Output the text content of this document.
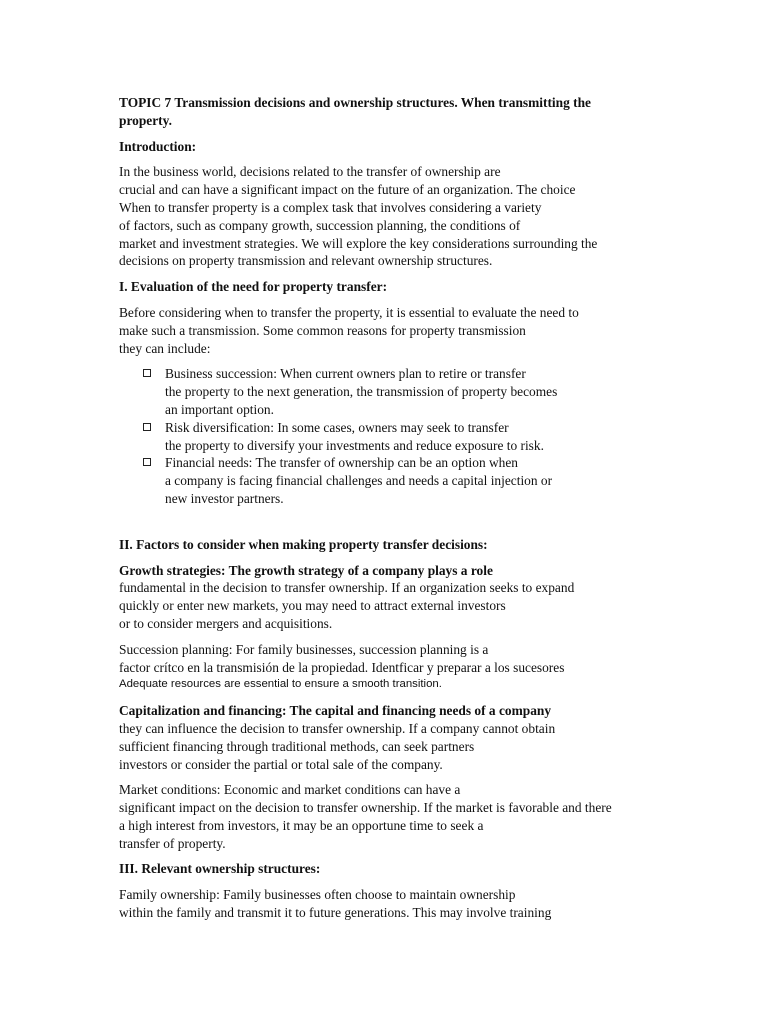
TOPIC 7 Transmission decisions and ownership structures. When transmitting the
property.
Introduction:
In the business world, decisions related to the transfer of ownership are
crucial and can have a significant impact on the future of an organization. The choice
When to transfer property is a complex task that involves considering a variety
of factors, such as company growth, succession planning, the conditions of
market and investment strategies. We will explore the key considerations surrounding the
decisions on property transmission and relevant ownership structures.
I. Evaluation of the need for property transfer:
Before considering when to transfer the property, it is essential to evaluate the need to
make such a transmission. Some common reasons for property transmission
they can include:
Business succession: When current owners plan to retire or transfer
the property to the next generation, the transmission of property becomes
an important option.
Risk diversification: In some cases, owners may seek to transfer
the property to diversify your investments and reduce exposure to risk.
Financial needs: The transfer of ownership can be an option when
a company is facing financial challenges and needs a capital injection or
new investor partners.
II. Factors to consider when making property transfer decisions:
Growth strategies: The growth strategy of a company plays a role
fundamental in the decision to transfer ownership. If an organization seeks to expand
quickly or enter new markets, you may need to attract external investors
or to consider mergers and acquisitions.
Succession planning: For family businesses, succession planning is a
factor crítco en la transmisión de la propiedad. Identficar y preparar a los sucesores
Adequate resources are essential to ensure a smooth transition.
Capitalization and financing: The capital and financing needs of a company
they can influence the decision to transfer ownership. If a company cannot obtain
sufficient financing through traditional methods, can seek partners
investors or consider the partial or total sale of the company.
Market conditions: Economic and market conditions can have a
significant impact on the decision to transfer ownership. If the market is favorable and there
a high interest from investors, it may be an opportune time to seek a
transfer of property.
III. Relevant ownership structures:
Family ownership: Family businesses often choose to maintain ownership
within the family and transmit it to future generations. This may involve training
